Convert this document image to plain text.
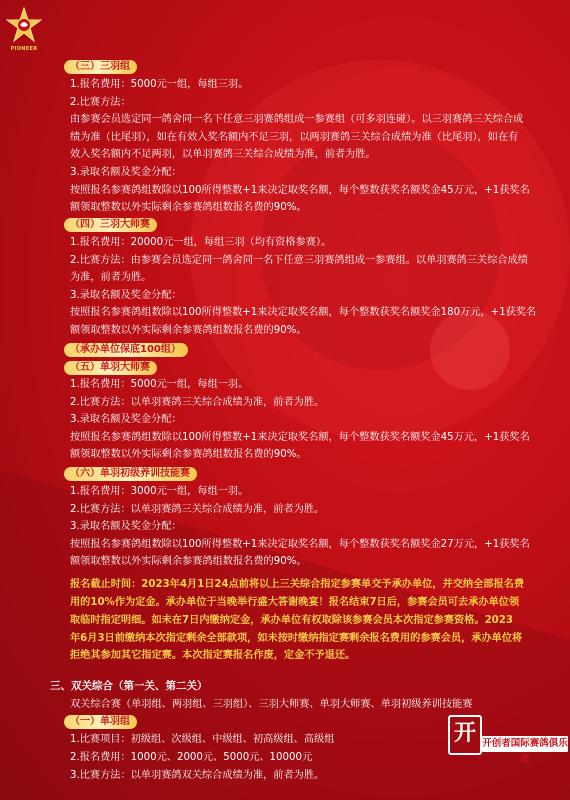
PIONEER
（三）三羽组
1.报名费用：5000元一组，每组三羽。
2.比赛方法：
由参赛会员选定同一鸽舍同一名下任意三羽赛鸽组成一参赛组（可多羽连碰）。以三羽赛鸽三关综合成
绩为准（比尾羽），如在有效入奖名额内不足三羽，以两羽赛鸽三关综合成绩为准（比尾羽），如在有
效入奖名额内不足两羽，以单羽赛鸽三关综合成绩为准，前者为胜。
3.录取名额及奖金分配：
按照报名参赛鸽组数除以100所得整数+1来决定取奖名额，每个整数获奖名额奖金45万元，+1获奖名
额领取整数以外实际剩余参赛鸽组数报名费的90%。
（四）三羽大师赛
1.报名费用：20000元一组，每组三羽（均有资格参赛）。
2.比赛方法：由参赛会员选定同一鸽舍同一名下任意三羽赛鸽组成一参赛组。以单羽赛鸽三关综合成绩
为准，前者为胜。
3.录取名额及奖金分配：
按照报名参赛鸽组数除以100所得整数+1来决定取奖名额，每个整数获奖名额奖金180万元，+1获奖名
额领取整数以外实际剩余参赛鸽组数报名费的90%。
（承办单位保底100组）
（五）单羽大师赛
1.报名费用：5000元一组，每组一羽。
2.比赛方法：以单羽赛鸽三关综合成绩为准，前者为胜。
3.录取名额及奖金分配：
按照报名参赛鸽组数除以100所得整数+1来决定取奖名额，每个整数获奖名额奖金45万元，+1获奖名
额领取整数以外实际剩余参赛鸽组数报名费的90%。
（六）单羽初级养训技能赛
1.报名费用：3000元一组，每组一羽。
2.比赛方法：以单羽赛鸽三关综合成绩为准，前者为胜。
3.录取名额及奖金分配：
按照报名参赛鸽组数除以100所得整数+1来决定取奖名额，每个整数获奖名额奖金27万元，+1获奖名
额领取整数以外实际剩余参赛鸽组数报名费的90%。
报名截止时间：2023年4月1日24点前将以上三关综合指定参赛单交予承办单位，并交纳全部报名费
用的10%作为定金。承办单位于当晚举行盛大答谢晚宴！报名结束7日后，参赛会员可去承办单位领
取临时指定明细。如未在7日内缴纳定金，承办单位有权取除该参赛会员本次指定参赛资格。2023
年6月3日前缴纳本次指定剩余全部款项，如未按时缴纳指定赛剩余报名费用的参赛会员，承办单位将
拒绝其参加其它指定赛。本次指定赛报名作废，定金不予退还。
三、双关综合（第一关、第二关）
双关综合赛（单羽组、两羽组、三羽组）、三羽大师赛、单羽大师赛、单羽初级养训技能赛
（一）单羽组
1.比赛项目：初级组、次级组、中级组、初高级组、高级组
2.报名费用：1000元、2000元、5000元、10000元
3.比赛方法：以单羽赛鸽双关综合成绩为准，前者为胜。
开 开创者国际赛鸽俱乐部
